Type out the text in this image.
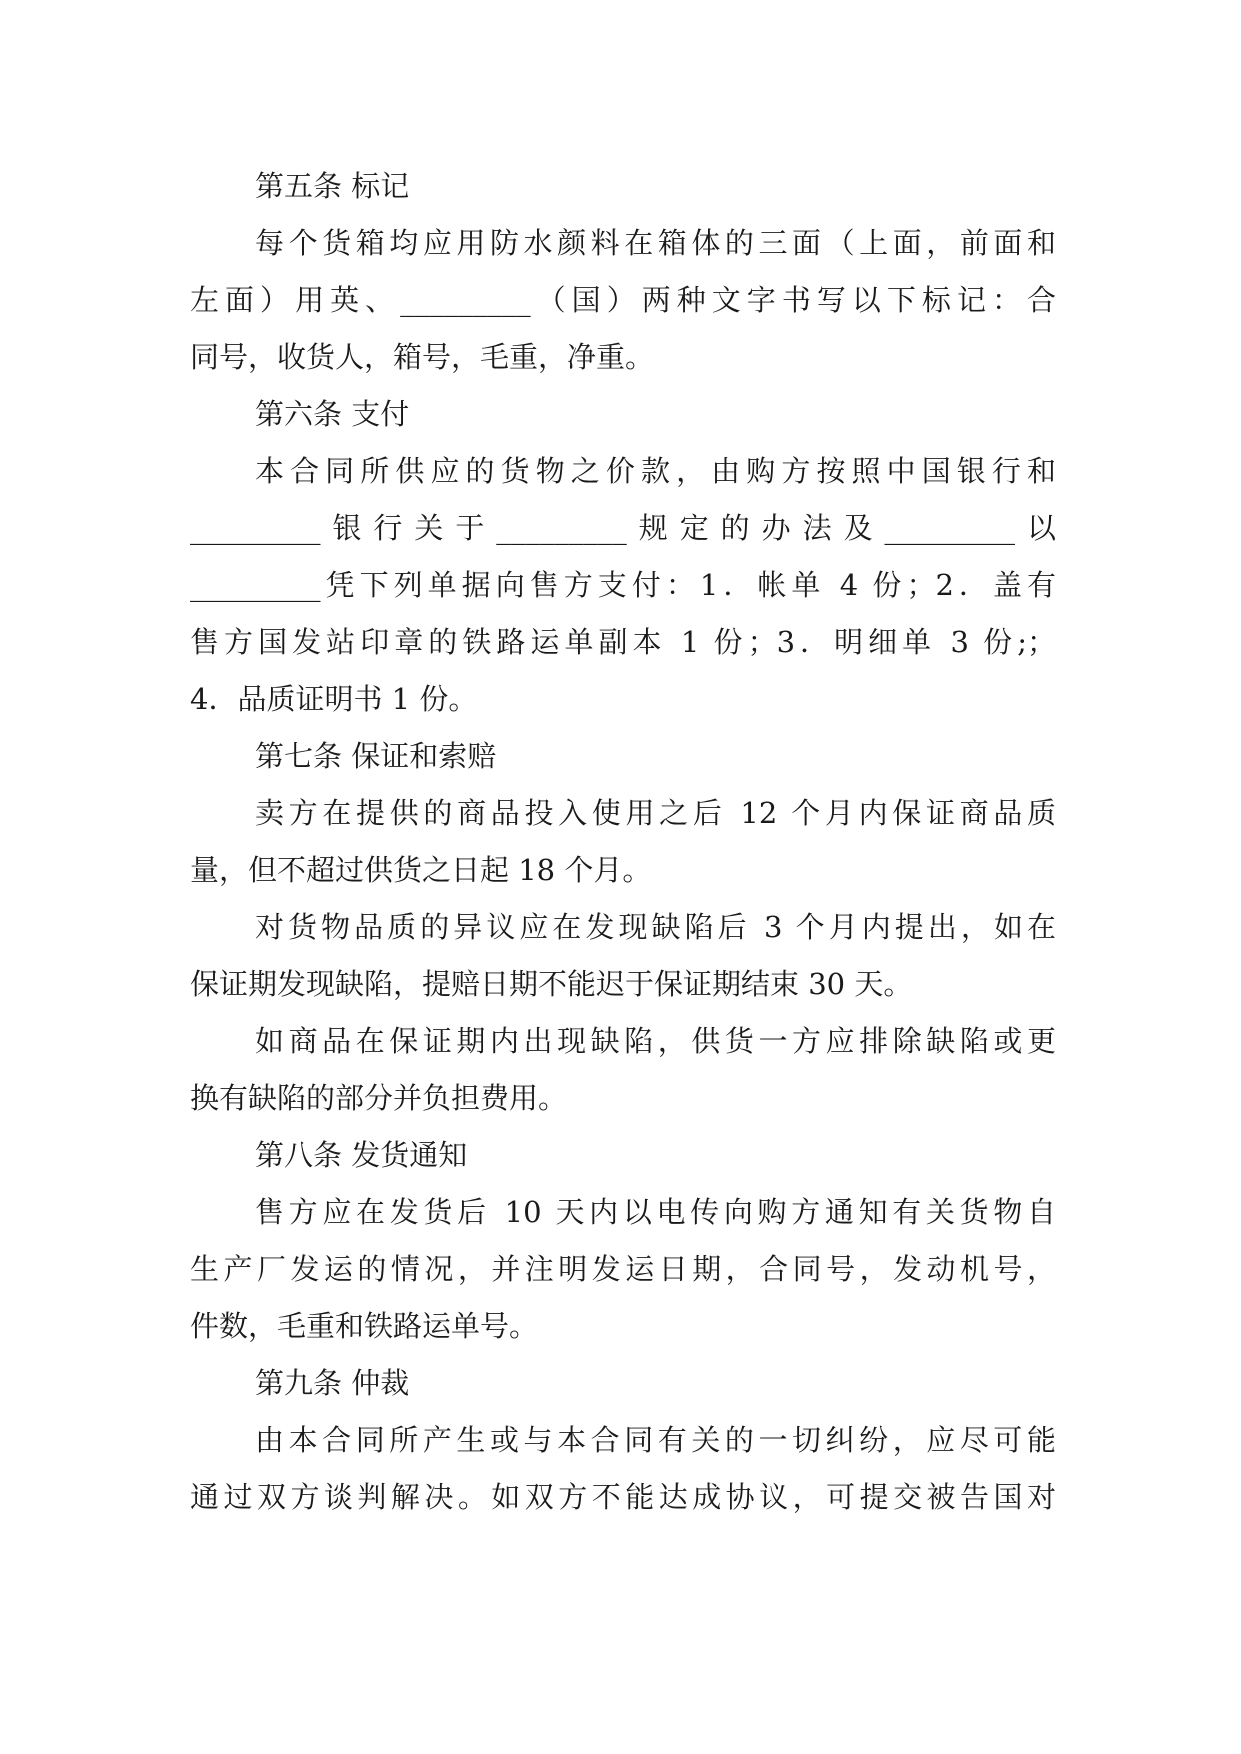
第五条 标记
每个货箱均应用防水颜料在箱体的三面（上面，前面和
左面）用英、_________（国）两种文字书写以下标记：合
同号，收货人，箱号，毛重，净重。
第六条 支付
本合同所供应的货物之价款，由购方按照中国银行和
_________银行关于_________规定的办法及_________以
_________凭下列单据向售方支付：1．帐单 4 份；2．盖有
售方国发站印章的铁路运单副本 1 份；3．明细单 3 份;；
4．品质证明书 1 份。
第七条 保证和索赔
卖方在提供的商品投入使用之后 12 个月内保证商品质
量，但不超过供货之日起 18 个月。
对货物品质的异议应在发现缺陷后 3 个月内提出，如在
保证期发现缺陷，提赔日期不能迟于保证期结束 30 天。
如商品在保证期内出现缺陷，供货一方应排除缺陷或更
换有缺陷的部分并负担费用。
第八条 发货通知
售方应在发货后 10 天内以电传向购方通知有关货物自
生产厂发运的情况，并注明发运日期，合同号，发动机号，
件数，毛重和铁路运单号。
第九条 仲裁
由本合同所产生或与本合同有关的一切纠纷，应尽可能
通过双方谈判解决。如双方不能达成协议，可提交被告国对
